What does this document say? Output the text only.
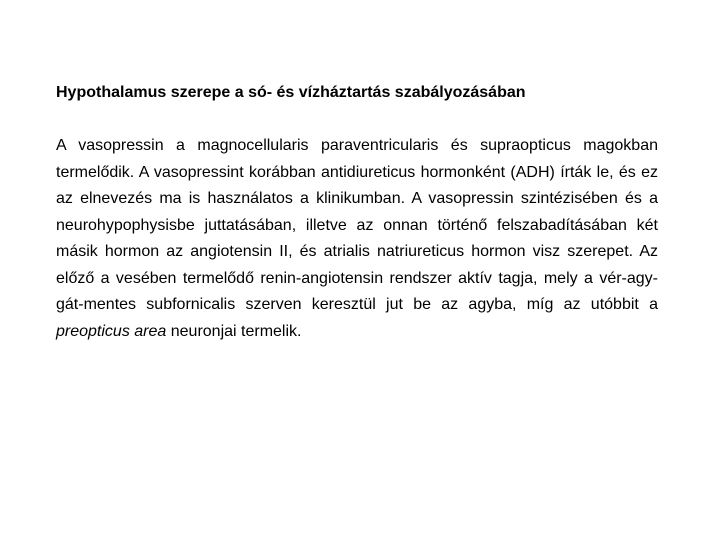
Hypothalamus szerepe a só- és vízháztartás szabályozásában

A vasopressin a magnocellularis paraventricularis és supraopticus magokban termelődik. A vasopressint korábban antidiureticus hormonként (ADH) írták le, és ez az elnevezés ma is használatos a klinikumban. A vasopressin szintézisében és a neurohypophysisbe juttatásában, illetve az onnan történő felszabadításában két másik hormon az angiotensin II, és atrialis natriureticus hormon visz szerepet. Az előző a vesében termelődő renin-angiotensin rendszer aktív tagja, mely a vér-agy-gát-mentes subfornicalis szerven keresztül jut be az agyba, míg az utóbbit a preopticus area neuronjai termelik.
